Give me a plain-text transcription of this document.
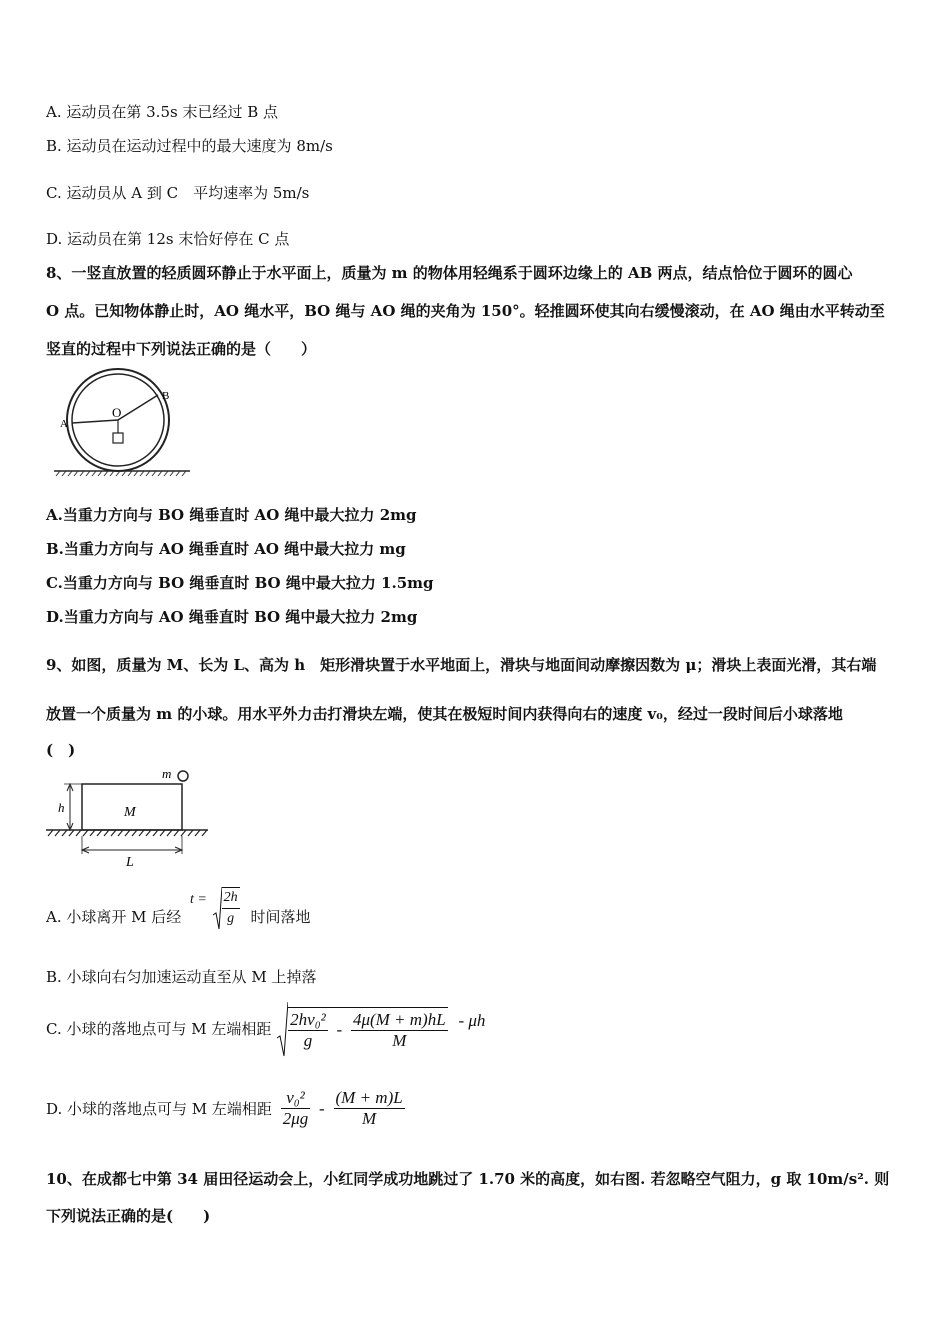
A. 运动员在第 3.5s 末已经过 B 点
B. 运动员在运动过程中的最大速度为 8m/s
C. 运动员从 A 到 C　平均速率为 5m/s
D. 运动员在第 12s 末恰好停在 C 点
8、一竖直放置的轻质圆环静止于水平面上，质量为 m 的物体用轻绳系于圆环边缘上的 AB 两点，结点恰位于圆环的圆心
O 点。已知物体静止时，AO 绳水平，BO 绳与 AO 绳的夹角为 150°。轻推圆环使其向右缓慢滚动，在 AO 绳由水平转动至
竖直的过程中下列说法正确的是（　　）
A
B
O
A.当重力方向与 BO 绳垂直时 AO 绳中最大拉力 2mg
B.当重力方向与 AO 绳垂直时 AO 绳中最大拉力 mg
C.当重力方向与 BO 绳垂直时 BO 绳中最大拉力 1.5mg
D.当重力方向与 AO 绳垂直时 BO 绳中最大拉力 2mg
9、如图，质量为 M、长为 L、高为 h　矩形滑块置于水平地面上，滑块与地面间动摩擦因数为 μ；滑块上表面光滑，其右端
放置一个质量为 m 的小球。用水平外力击打滑块左端，使其在极短时间内获得向右的速度 v₀，经过一段时间后小球落地
(　)
m
M
h
L
A. 小球离开 M 后经 $t = \frac{2h}{g}$ 时间落地
B. 小球向右匀加速运动直至从 M 上掉落
C. 小球的落地点可与 M 左端相距 $\frac{\text{2hv₀²}}{g} - \frac{4\mu(M + m)hL}{M}$ - μh
D. 小球的落地点可与 M 左端相距 $\frac{\text{v₀²}}{2\mu g} - \frac{(M + m)L}{M}$
10、在成都七中第 34 届田径运动会上，小红同学成功地跳过了 1.70 米的高度，如右图. 若忽略空气阻力，g 取 10m/s². 则
下列说法正确的是(　　)
